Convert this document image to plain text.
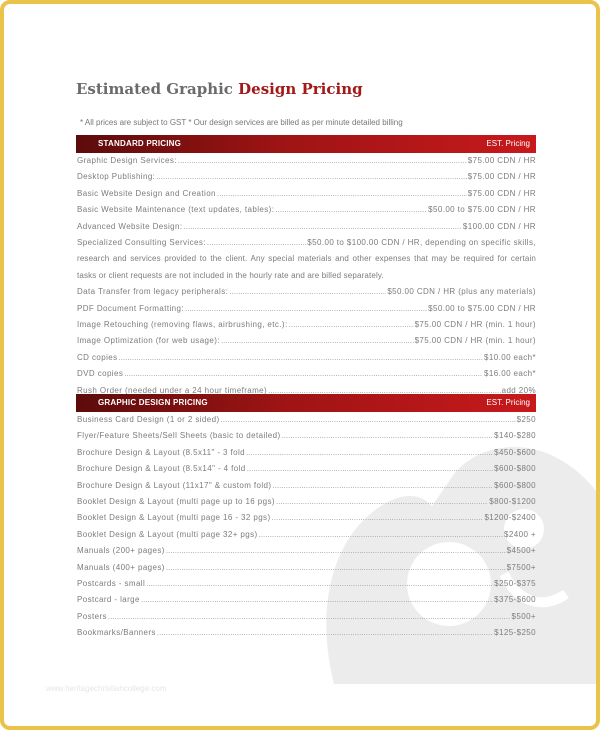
Estimated Graphic Design Pricing
* All prices are subject to GST * Our design services are billed as per minute detailed billing
STANDARD PRICING	EST. Pricing
Graphic Design Services: .....	$75.00 CDN / HR
Desktop Publishing: .....	$75.00 CDN / HR
Basic Website Design and Creation .....	$75.00 CDN / HR
Basic Website Maintenance (text updates, tables): .....	$50.00 to $75.00 CDN / HR
Advanced Website Design: .....	$100.00 CDN / HR
Specialized Consulting Services: .....	$50.00 to $100.00 CDN / HR, depending on specific skills,
research and services provided to the client. Any special materials and other expenses that may be required for certain tasks or client requests are not included in the hourly rate and are billed separately.
Data Transfer from legacy peripherals: .....	$50.00 CDN / HR (plus any materials)
PDF Document Formatting: .....	$50.00 to $75.00 CDN / HR
Image Retouching (removing flaws, airbrushing, etc.): .....	$75.00 CDN / HR (min. 1 hour)
Image Optimization (for web usage): .....	$75.00 CDN / HR (min. 1 hour)
CD copies .....	$10.00 each*
DVD copies .....	$16.00 each*
Rush Order (needed under a 24 hour timeframe) .....	add 20%
GRAPHIC DESIGN PRICING	EST. Pricing
Business Card Design (1 or 2 sided) .....	$250
Flyer/Feature Sheets/Sell Sheets (basic to detailed) .....	$140-$280
Brochure Design & Layout (8.5x11" - 3 fold .....	$450-$600
Brochure Design & Layout (8.5x14" - 4 fold .....	$600-$800
Brochure Design & Layout (11x17" & custom fold) .....	$600-$800
Booklet Design & Layout (multi page up to 16 pgs) .....	$800-$1200
Booklet Design & Layout (multi page 16 - 32 pgs) .....	$1200-$2400
Booklet Design & Layout (multi page 32+ pgs) .....	$2400 +
Manuals (200+ pages) .....	$4500+
Manuals (400+ pages) .....	$7500+
Postcards - small .....	$250-$375
Postcard - large .....	$375-$600
Posters .....	$500+
Bookmarks/Banners .....	$125-$250
www.heritagechristiancollege.com
